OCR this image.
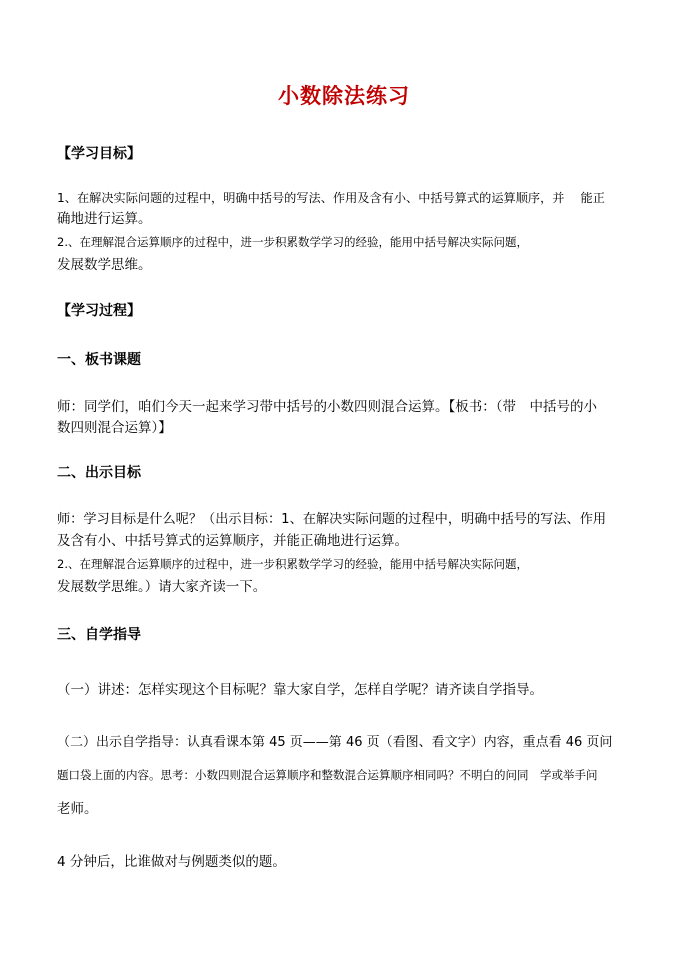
小数除法练习
【学习目标】
1、在解决实际问题的过程中，明确中括号的写法、作用及含有小、中括号算式的运算顺序，并　 能正
确地进行运算。
2.、在理解混合运算顺序的过程中，进一步积累数学学习的经验，能用中括号解决实际问题，
发展数学思维。
【学习过程】
一、板书课题
师：同学们，咱们今天一起来学习带中括号的小数四则混合运算。【板书：（带　中括号的小
数四则混合运算）】
二、出示目标
师：学习目标是什么呢？（出示目标：1、在解决实际问题的过程中，明确中括号的写法、作用
及含有小、中括号算式的运算顺序，并能正确地进行运算。
2.、在理解混合运算顺序的过程中，进一步积累数学学习的经验，能用中括号解决实际问题，
发展数学思维。）请大家齐读一下。
三、自学指导
（一）讲述：怎样实现这个目标呢？靠大家自学，怎样自学呢？请齐读自学指导。
（二）出示自学指导：认真看课本第 45 页——第 46 页（看图、看文字）内容，重点看 46 页问
题口袋上面的内容。思考：小数四则混合运算顺序和整数混合运算顺序相同吗？不明白的问同　学或举手问
老师。
4 分钟后，比谁做对与例题类似的题。
